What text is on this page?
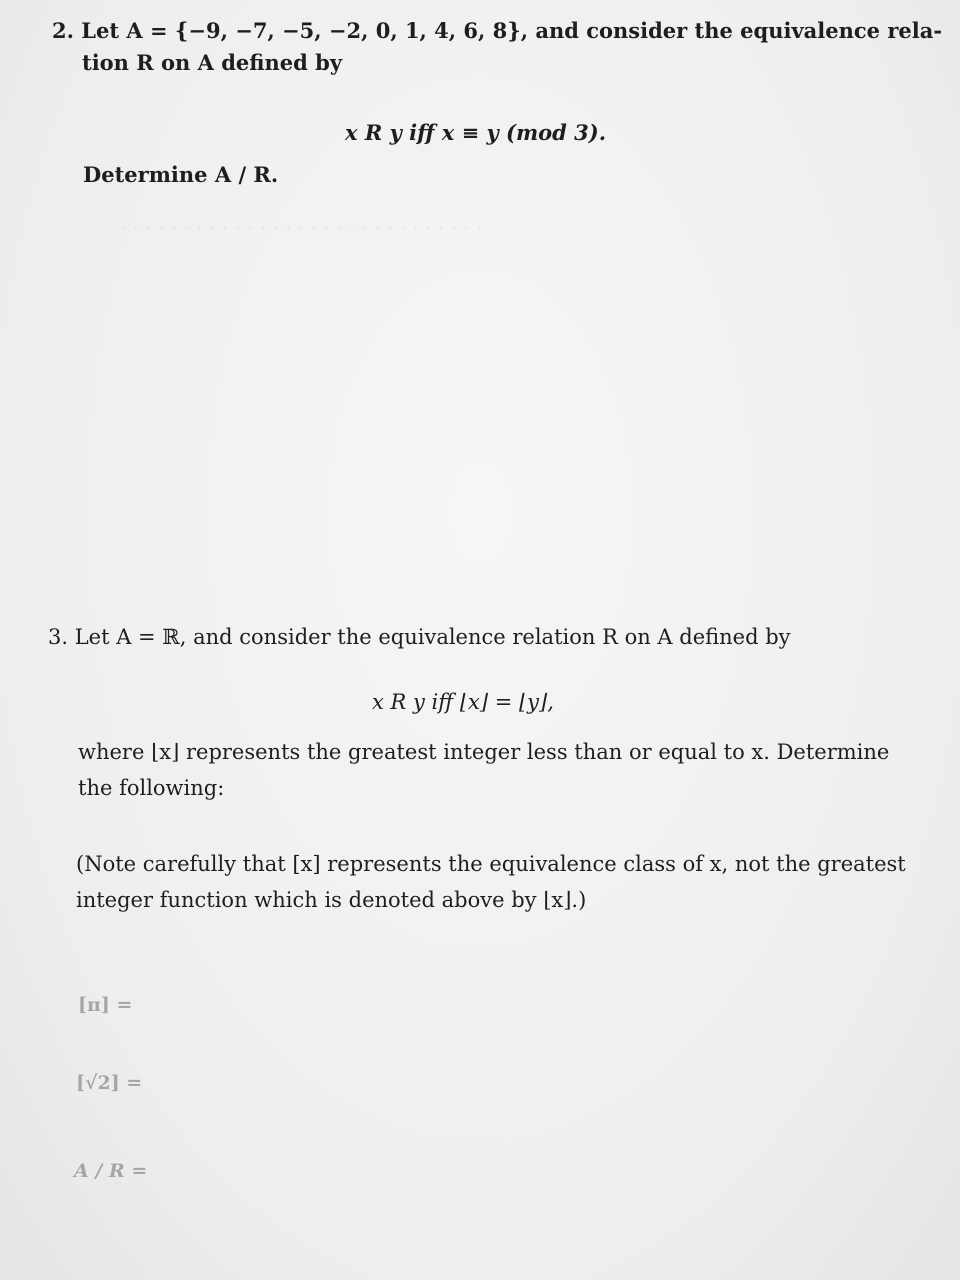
· · · · · · · · · · · · · · · · · · · · · · · · · · · · ·
2. Let A = {−9, −7, −5, −2, 0, 1, 4, 6, 8}, and consider the equivalence rela-
tion R on A defined by
x R y iff x ≡ y (mod 3).
Determine A / R.
3. Let A = ℝ, and consider the equivalence relation R on A defined by
x R y iff ⌊x⌋ = ⌊y⌋,
where ⌊x⌋ represents the greatest integer less than or equal to x. Determine
the following:
(Note carefully that [x] represents the equivalence class of x, not the greatest
integer function which is denoted above by ⌊x⌋.)
[π] =
[√2] =
A / R =
